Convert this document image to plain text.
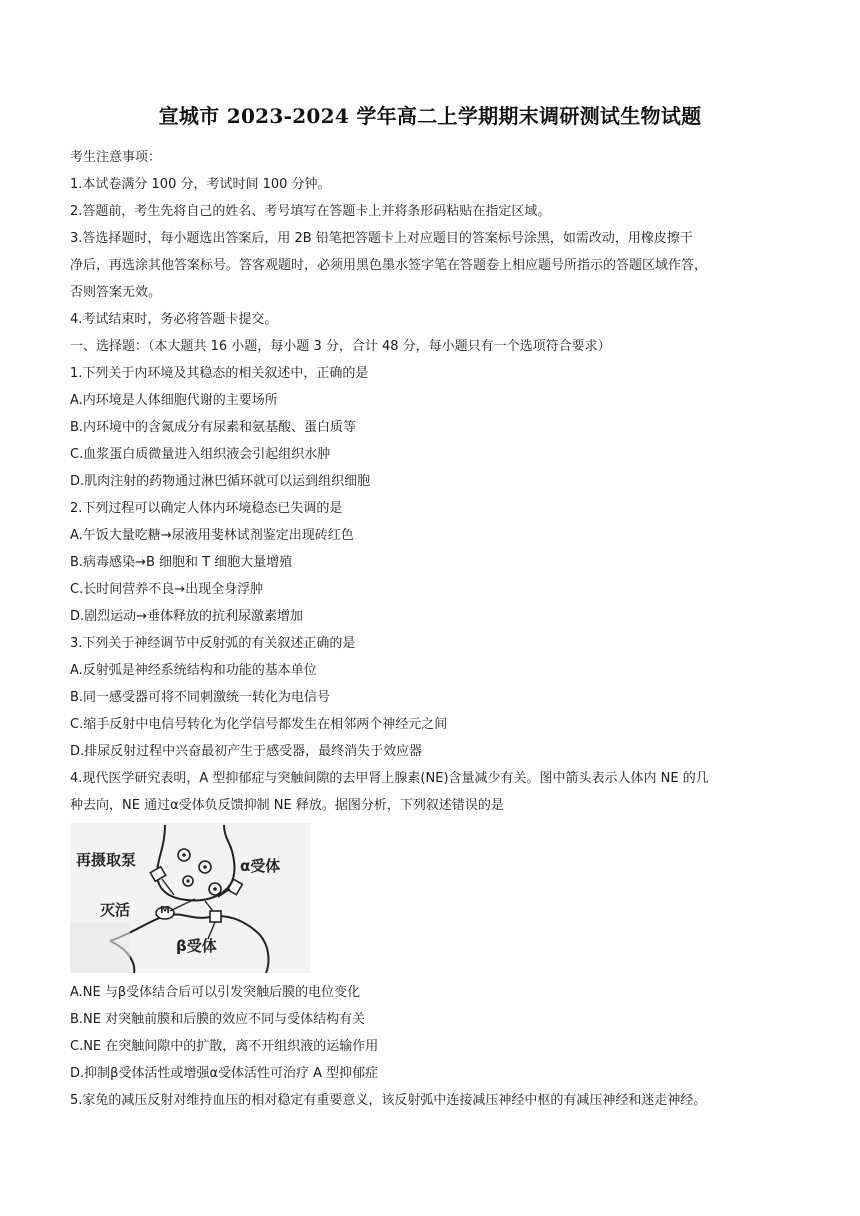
宣城市 2023-2024 学年高二上学期期末调研测试生物试题
考生注意事项：
1.本试卷满分 100 分，考试时间 100 分钟。
2.答题前，考生先将自己的姓名、考号填写在答题卡上并将条形码粘贴在指定区域。
3.答选择题时，每小题选出答案后，用 2B 铅笔把答题卡上对应题目的答案标号涂黑，如需改动，用橡皮擦干
净后，再选涂其他答案标号。答客观题时，必须用黑色墨水签字笔在答题卷上相应题号所指示的答题区域作答，
否则答案无效。
4.考试结束时，务必将答题卡提交。
一、选择题：（本大题共 16 小题，每小题 3 分，合计 48 分，每小题只有一个选项符合要求）
1.下列关于内环境及其稳态的相关叙述中，正确的是
A.内环境是人体细胞代谢的主要场所
B.内环境中的含氮成分有尿素和氨基酸、蛋白质等
C.血浆蛋白质微量进入组织液会引起组织水肿
D.肌肉注射的药物通过淋巴循环就可以运到组织细胞
2.下列过程可以确定人体内环境稳态已失调的是
A.午饭大量吃糖→尿液用斐林试剂鉴定出现砖红色
B.病毒感染→B 细胞和 T 细胞大量增殖
C.长时间营养不良→出现全身浮肿
D.剧烈运动→垂体释放的抗利尿激素增加
3.下列关于神经调节中反射弧的有关叙述正确的是
A.反射弧是神经系统结构和功能的基本单位
B.同一感受器可将不同刺激统一转化为电信号
C.缩手反射中电信号转化为化学信号都发生在相邻两个神经元之间
D.排尿反射过程中兴奋最初产生于感受器，最终消失于效应器
4.现代医学研究表明，A 型抑郁症与突触间隙的去甲肾上腺素(NE)含量减少有关。图中箭头表示人体内 NE 的几
种去向，NE 通过α受体负反馈抑制 NE 释放。据图分析，下列叙述错误的是
再摄取泵	α受体
灭活	M
β受体
A.NE 与β受体结合后可以引发突触后膜的电位变化
B.NE 对突触前膜和后膜的效应不同与受体结构有关
C.NE 在突触间隙中的扩散，离不开组织液的运输作用
D.抑制β受体活性或增强α受体活性可治疗 A 型抑郁症
5.家兔的减压反射对维持血压的相对稳定有重要意义，该反射弧中连接减压神经中枢的有减压神经和迷走神经。
